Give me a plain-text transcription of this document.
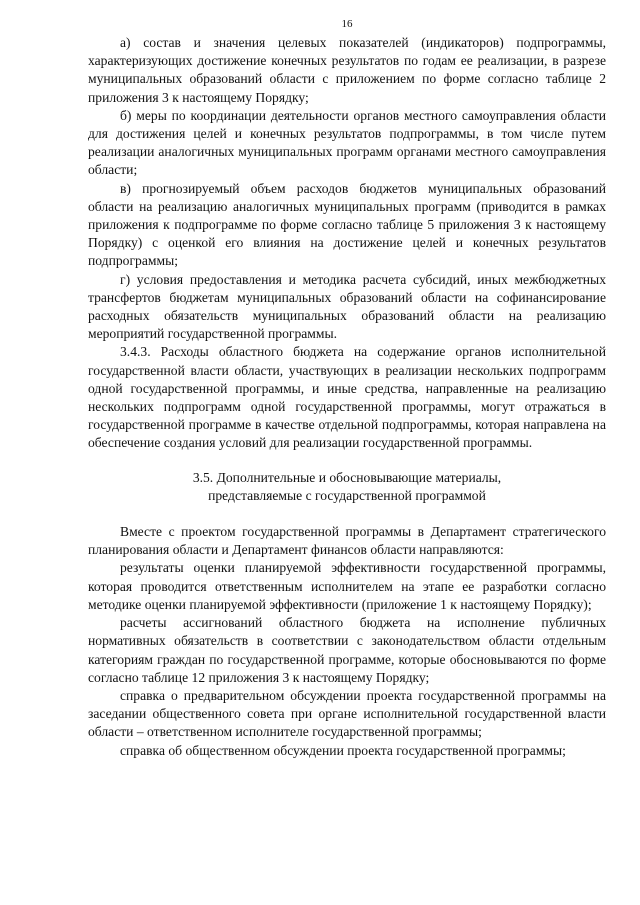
16

а) состав и значения целевых показателей (индикаторов) подпрограммы, характеризующих достижение конечных результатов по годам ее реализации, в разрезе муниципальных образований области с приложением по форме согласно таблице 2 приложения 3 к настоящему Порядку;

б) меры по координации деятельности органов местного самоуправления области для достижения целей и конечных результатов подпрограммы, в том числе путем реализации аналогичных муниципальных программ органами местного самоуправления области;

в) прогнозируемый объем расходов бюджетов муниципальных образований области на реализацию аналогичных муниципальных программ (приводится в рамках приложения к подпрограмме по форме согласно таблице 5 приложения 3 к настоящему Порядку) с оценкой его влияния на достижение целей и конечных результатов подпрограммы;

г) условия предоставления и методика расчета субсидий, иных межбюджетных трансфертов бюджетам муниципальных образований области на софинансирование расходных обязательств муниципальных образований области на реализацию мероприятий государственной программы.

3.4.3. Расходы областного бюджета на содержание органов исполнительной государственной власти области, участвующих в реализации нескольких подпрограмм одной государственной программы, и иные средства, направленные на реализацию нескольких подпрограмм одной государственной программы, могут отражаться в государственной программе в качестве отдельной подпрограммы, которая направлена на обеспечение создания условий для реализации государственной программы.

3.5. Дополнительные и обосновывающие материалы,
представляемые с государственной программой

Вместе с проектом государственной программы в Департамент стратегического планирования области и Департамент финансов области направляются:

результаты оценки планируемой эффективности государственной программы, которая проводится ответственным исполнителем на этапе ее разработки согласно методике оценки планируемой эффективности (приложение 1 к настоящему Порядку);

расчеты ассигнований областного бюджета на исполнение публичных нормативных обязательств в соответствии с законодательством области отдельным категориям граждан по государственной программе, которые обосновываются по форме согласно таблице 12 приложения 3 к настоящему Порядку;

справка о предварительном обсуждении проекта государственной программы на заседании общественного совета при органе исполнительной государственной власти области – ответственном исполнителе государственной программы;

справка об общественном обсуждении проекта государственной программы;
